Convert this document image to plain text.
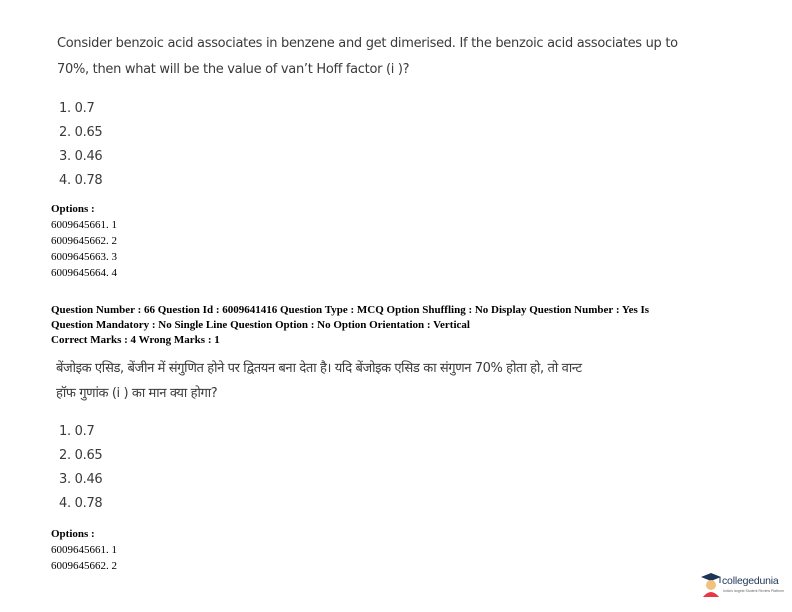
Consider benzoic acid associates in benzene and get dimerised. If the benzoic acid associates up to
70%, then what will be the value of van’t Hoff factor (i )?
1. 0.7
2. 0.65
3. 0.46
4. 0.78
Options :
6009645661. 1
6009645662. 2
6009645663. 3
6009645664. 4
Question Number : 66 Question Id : 6009641416 Question Type : MCQ Option Shuffling : No Display Question Number : Yes Is
Question Mandatory : No Single Line Question Option : No Option Orientation : Vertical
Correct Marks : 4 Wrong Marks : 1
बेंजोइक एसिड, बेंजीन में संगुणित होने पर द्वितयन बना देता है। यदि बेंजोइक एसिड का संगुणन 70% होता हो, तो वान्ट
हॉफ गुणांक (i ) का मान क्या होगा?
1. 0.7
2. 0.65
3. 0.46
4. 0.78
Options :
6009645661. 1
6009645662. 2
collegedunia
India's largest Student Review Platform
